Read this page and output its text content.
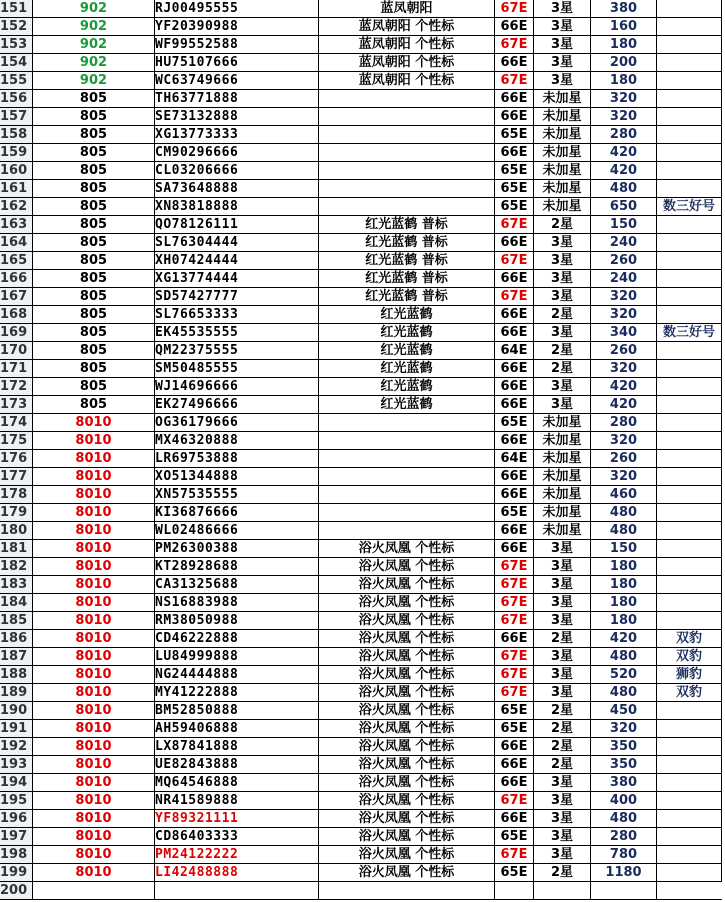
151	902	RJ00495555	蓝凤朝阳	67E	3星	380	
152	902	YF20390988	蓝凤朝阳 个性标	66E	3星	160	
153	902	WF99552588	蓝凤朝阳 个性标	67E	3星	180	
154	902	HU75107666	蓝凤朝阳 个性标	66E	3星	200	
155	902	WC63749666	蓝凤朝阳 个性标	67E	3星	180	
156	805	TH63771888		66E	未加星	320	
157	805	SE73132888		66E	未加星	320	
158	805	XG13773333		65E	未加星	280	
159	805	CM90296666		66E	未加星	420	
160	805	CL03206666		65E	未加星	420	
161	805	SA73648888		65E	未加星	480	
162	805	XN83818888		65E	未加星	650	数三好号
163	805	QO78126111	红光蓝鹤 普标	67E	2星	150	
164	805	SL76304444	红光蓝鹤 普标	66E	3星	240	
165	805	XH07424444	红光蓝鹤 普标	67E	3星	260	
166	805	XG13774444	红光蓝鹤 普标	66E	3星	240	
167	805	SD57427777	红光蓝鹤 普标	67E	3星	320	
168	805	SL76653333	红光蓝鹤	66E	2星	320	
169	805	EK45535555	红光蓝鹤	66E	3星	340	数三好号
170	805	QM22375555	红光蓝鹤	64E	2星	260	
171	805	SM50485555	红光蓝鹤	66E	2星	320	
172	805	WJ14696666	红光蓝鹤	66E	3星	420	
173	805	EK27496666	红光蓝鹤	66E	3星	420	
174	8010	OG36179666		65E	未加星	280	
175	8010	MX46320888		66E	未加星	320	
176	8010	LR69753888		64E	未加星	260	
177	8010	XO51344888		66E	未加星	320	
178	8010	XN57535555		66E	未加星	460	
179	8010	KI36876666		65E	未加星	480	
180	8010	WL02486666		66E	未加星	480	
181	8010	PM26300388	浴火凤凰 个性标	66E	3星	150	
182	8010	KT28928688	浴火凤凰 个性标	67E	3星	180	
183	8010	CA31325688	浴火凤凰 个性标	67E	3星	180	
184	8010	NS16883988	浴火凤凰 个性标	67E	3星	180	
185	8010	RM38050988	浴火凤凰 个性标	67E	3星	180	
186	8010	CD46222888	浴火凤凰 个性标	66E	2星	420	双豹
187	8010	LU84999888	浴火凤凰 个性标	67E	3星	480	双豹
188	8010	NG24444888	浴火凤凰 个性标	67E	3星	520	狮豹
189	8010	MY41222888	浴火凤凰 个性标	67E	3星	480	双豹
190	8010	BM52850888	浴火凤凰 个性标	65E	2星	450	
191	8010	AH59406888	浴火凤凰 个性标	65E	2星	320	
192	8010	LX87841888	浴火凤凰 个性标	66E	2星	350	
193	8010	UE82843888	浴火凤凰 个性标	66E	2星	350	
194	8010	MQ64546888	浴火凤凰 个性标	66E	3星	380	
195	8010	NR41589888	浴火凤凰 个性标	67E	3星	400	
196	8010	YF89321111	浴火凤凰 个性标	66E	3星	480	
197	8010	CD86403333	浴火凤凰 个性标	65E	3星	280	
198	8010	PM24122222	浴火凤凰 个性标	67E	3星	780	
199	8010	LI42488888	浴火凤凰 个性标	65E	2星	1180	
200							
